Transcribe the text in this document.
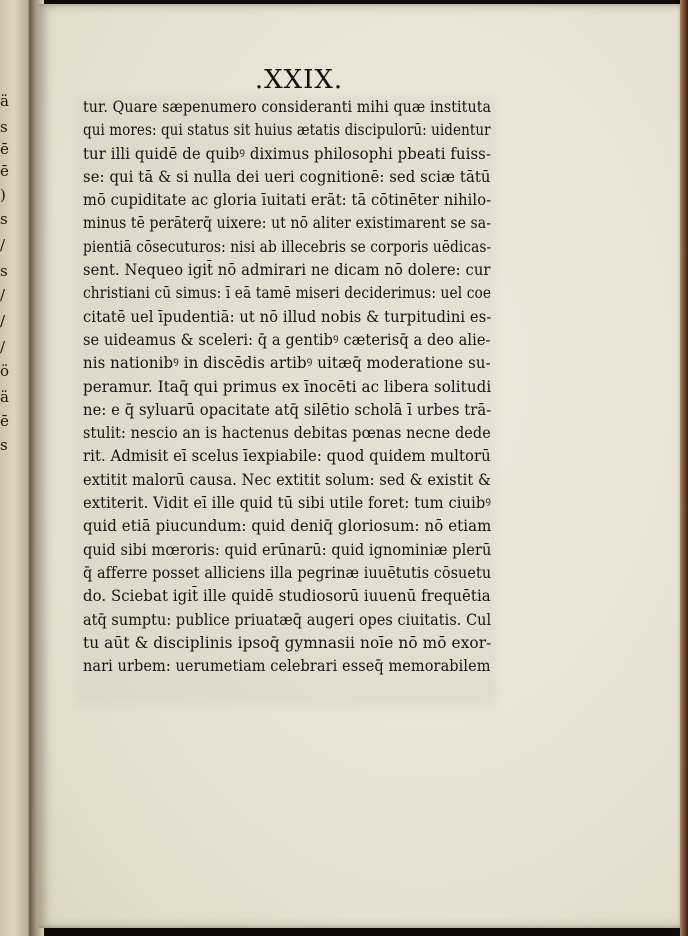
ä
s
ē
ē
)
s
/
s
/
/
/
ö
ä
ē
s
.XXIX.
tur. Quare sæpenumero consideranti mihi quæ instituta
qui mores: qui status sit huius ætatis discipulorū: uidentur
tur illi quidē de quibꝰ diximus philosophi pbeati fuiss-
se: qui tā & si nulla dei ueri cognitionē: sed sciæ tātū
mō cupiditate ac gloria īuitati erāt: tā cōtinēter nihilo-
minus tē perāterq̄ uixere: ut nō aliter existimarent se sa-
pientiā cōsecuturos: nisi ab illecebris se corporis uēdicas-
sent. Nequeo igit̄ nō admirari ne dicam nō dolere: cur
christiani cū simus: ī eā tamē miseri deciderimus: uel coe
citatē uel īpudentiā: ut nō illud nobis & turpitudini es-
se uideamus & sceleri: q̄ a gentibꝰ cæterisq̄ a deo alie-
nis nationibꝰ in discēdis artibꝰ uitæq̄ moderatione su-
peramur. Itaq̄ qui primus ex īnocēti ac libera solitudi
ne: e q̄ syluarū opacitate atq̄ silētio scholā ī urbes trā-
stulit: nescio an is hactenus debitas pœnas necne dede
rit. Admisit eī scelus īexpiabile: quod quidem multorū
extitit malorū causa. Nec extitit solum: sed & existit &
extiterit. Vidit eī ille quid tū sibi utile foret: tum ciuibꝰ
quid etiā piucundum: quid deniq̄ gloriosum: nō etiam
quid sibi mœroris: quid erūnarū: quid ignominiæ plerū
q̄ afferre posset alliciens illa pegrinæ iuuētutis cōsuetu
do. Sciebat igit̄ ille quidē studiosorū iuuenū frequētia
atq̄ sumptu: publice priuatæq̄ augeri opes ciuitatis. Cul
tu aūt & disciplinis ipsoq̄ gymnasii noīe nō mō exor-
nari urbem: uerumetiam celebrari esseq̄ memorabilem
